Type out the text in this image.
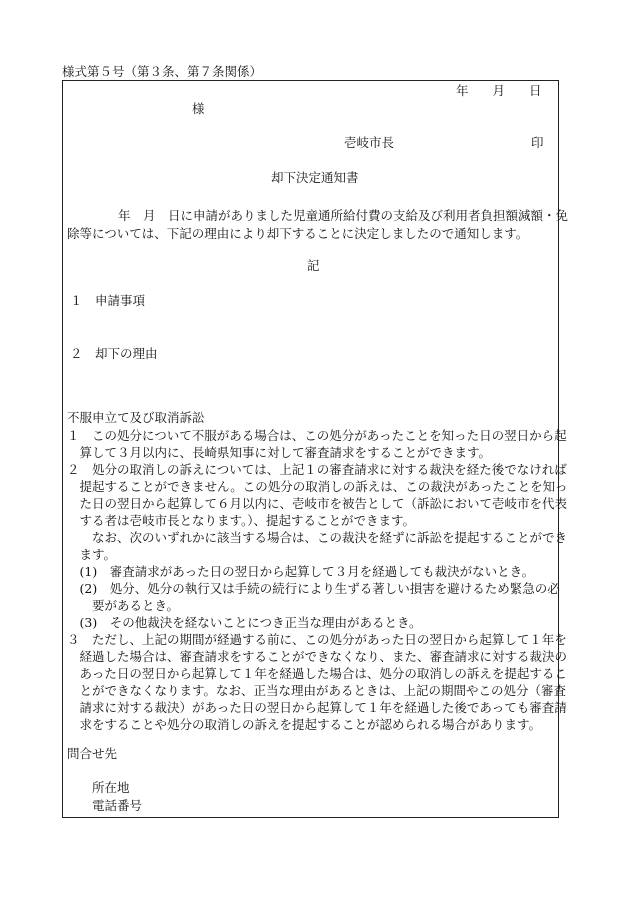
様式第５号（第３条、第７条関係）
年 月 日
様
壱岐市長	印
却下決定通知書
年　月　日に申請がありました児童通所給付費の支給及び利用者負担額減額・免
除等については、下記の理由により却下することに決定しましたので通知します。
記
１　申請事項
２　却下の理由
不服申立て及び取消訴訟
１　この処分について不服がある場合は、この処分があったことを知った日の翌日から起
　算して３月以内に、長崎県知事に対して審査請求をすることができます。
２　処分の取消しの訴えについては、上記１の審査請求に対する裁決を経た後でなければ
　提起することができません。この処分の取消しの訴えは、この裁決があったことを知っ
　た日の翌日から起算して６月以内に、壱岐市を被告として（訴訟において壱岐市を代表
　する者は壱岐市長となります。）、提起することができます。
　　なお、次のいずれかに該当する場合は、この裁決を経ずに訴訟を提起することができ
　ます。
　(1)　審査請求があった日の翌日から起算して３月を経過しても裁決がないとき。
　(2)　処分、処分の執行又は手続の続行により生ずる著しい損害を避けるため緊急の必
　　要があるとき。
　(3)　その他裁決を経ないことにつき正当な理由があるとき。
３　ただし、上記の期間が経過する前に、この処分があった日の翌日から起算して１年を
　経過した場合は、審査請求をすることができなくなり、また、審査請求に対する裁決の
　あった日の翌日から起算して１年を経過した場合は、処分の取消しの訴えを提起するこ
　とができなくなります。なお、正当な理由があるときは、上記の期間やこの処分（審査
　請求に対する裁決）があった日の翌日から起算して１年を経過した後であっても審査請
　求をすることや処分の取消しの訴えを提起することが認められる場合があります。
問合せ先
所在地
電話番号
